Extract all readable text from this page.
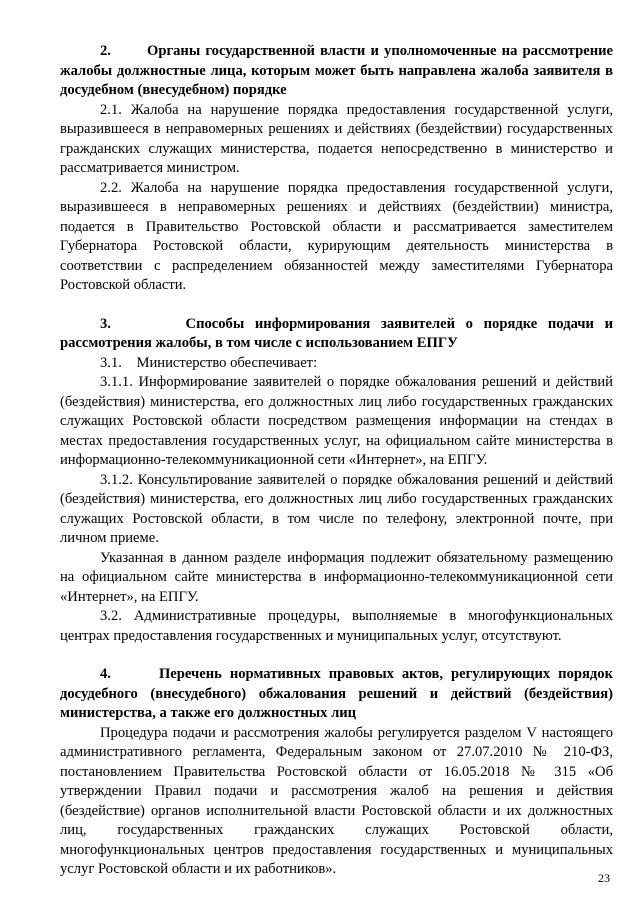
2.       Органы государственной власти и уполномоченные на рассмотрение жалобы должностные лица, которым может быть направлена жалоба заявителя в досудебном (внесудебном) порядке

2.1. Жалоба на нарушение порядка предоставления государственной услуги, выразившееся в неправомерных решениях и действиях (бездействии) государственных гражданских служащих министерства, подается непосредственно в министерство и рассматривается министром.

2.2. Жалоба на нарушение порядка предоставления государственной услуги, выразившееся в неправомерных решениях и действиях (бездействии) министра, подается в Правительство Ростовской области и рассматривается заместителем Губернатора Ростовской области, курирующим деятельность министерства в соответствии с распределением обязанностей между заместителями Губернатора Ростовской области.

3.       Способы информирования заявителей о порядке подачи и рассмотрения жалобы, в том числе с использованием ЕПГУ

3.1.    Министерство обеспечивает:

3.1.1. Информирование заявителей о порядке обжалования решений и действий (бездействия) министерства, его должностных лиц либо государственных гражданских служащих Ростовской области посредством размещения информации на стендах в местах предоставления государственных услуг, на официальном сайте министерства в информационно-телекоммуникационной сети «Интернет», на ЕПГУ.

3.1.2. Консультирование заявителей о порядке обжалования решений и действий (бездействия) министерства, его должностных лиц либо государственных гражданских служащих Ростовской области, в том числе по телефону, электронной почте, при личном приеме.

Указанная в данном разделе информация подлежит обязательному размещению на официальном сайте министерства в информационно-телекоммуникационной сети «Интернет», на ЕПГУ.

3.2. Административные процедуры, выполняемые в многофункциональных центрах предоставления государственных и муниципальных услуг, отсутствуют.

4.      Перечень нормативных правовых актов, регулирующих порядок досудебного (внесудебного) обжалования решений и действий (бездействия) министерства, а также его должностных лиц

Процедура подачи и рассмотрения жалобы регулируется разделом V настоящего административного регламента, Федеральным законом от 27.07.2010 № 210-ФЗ, постановлением Правительства Ростовской области от 16.05.2018 № 315 «Об утверждении Правил подачи и рассмотрения жалоб на решения и действия (бездействие) органов исполнительной власти Ростовской области и их должностных лиц, государственных гражданских служащих Ростовской области, многофункциональных центров предоставления государственных и муниципальных услуг Ростовской области и их работников».

23
